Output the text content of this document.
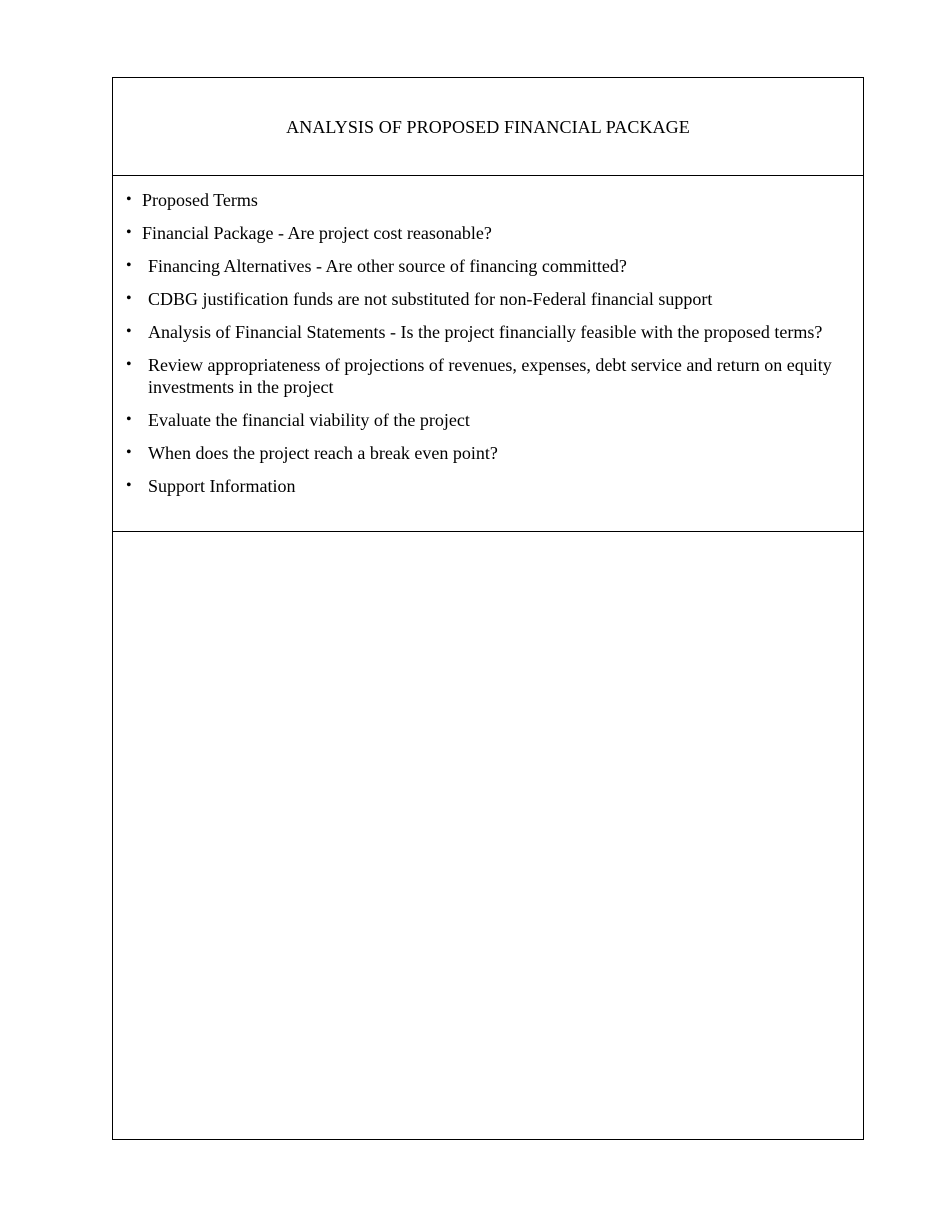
ANALYSIS OF PROPOSED FINANCIAL PACKAGE
• Proposed Terms
• Financial Package - Are project cost reasonable?
• Financing Alternatives - Are other source of financing committed?
• CDBG justification funds are not substituted for non-Federal financial support
• Analysis of Financial Statements - Is the project financially feasible with the proposed terms?
• Review appropriateness of projections of revenues, expenses, debt service and return on equity investments in the project
• Evaluate the financial viability of the project
• When does the project reach a break even point?
• Support Information
